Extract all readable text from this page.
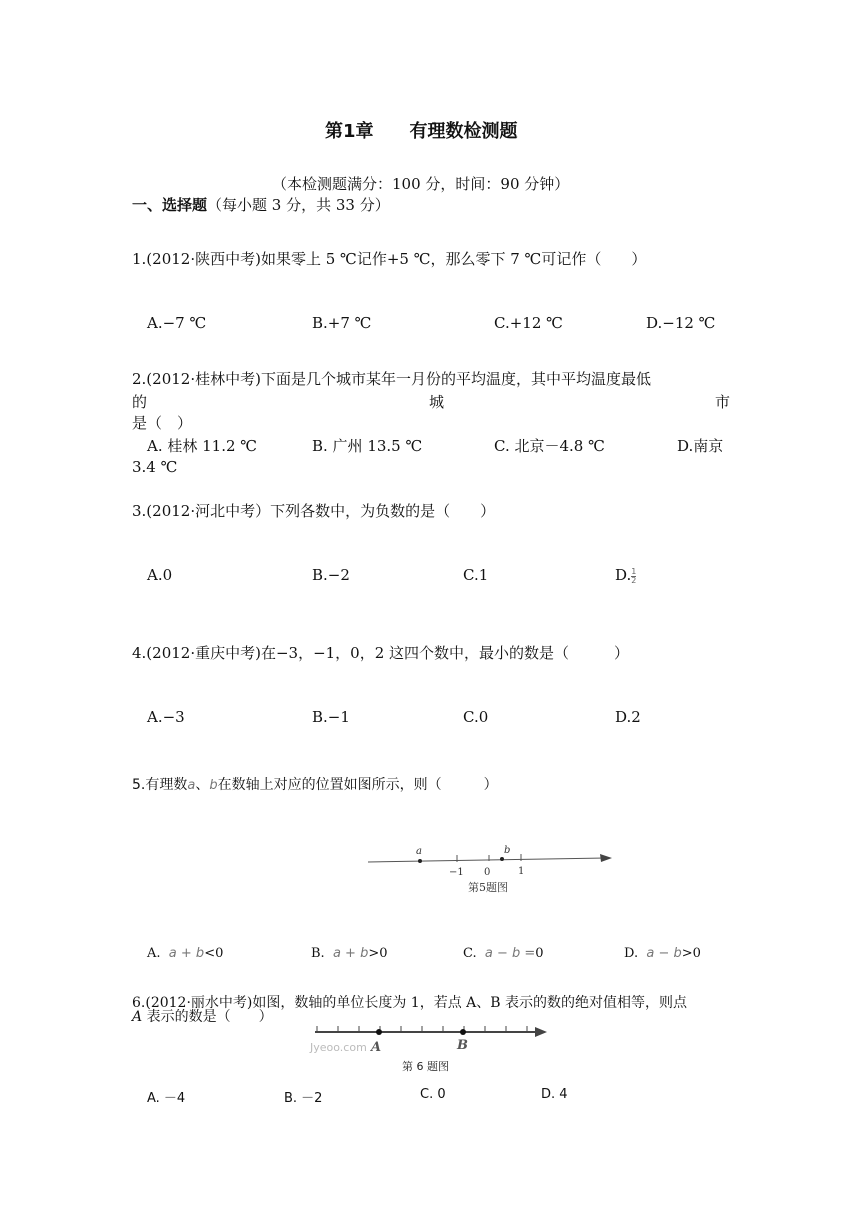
第1章　　有理数检测题
（本检测题满分：100 分，时间：90 分钟）
一、选择题（每小题 3 分，共 33 分）
1.(2012·陕西中考)如果零上 5 ℃记作+5 ℃，那么零下 7 ℃可记作（　　）
A.−7 ℃	B.+7 ℃	C.+12 ℃	D.−12 ℃
2.(2012·桂林中考)下面是几个城市某年一月份的平均温度，其中平均温度最低
的	城	市
是（　）
A. 桂林 11.2 ℃	B. 广州 13.5 ℃	C. 北京－4.8 ℃	D.南京
3.4 ℃
3.(2012·河北中考）下列各数中，为负数的是（　　）
A.0	B.−2	C.1	D. $\frac{1}{2}$
4.(2012·重庆中考)在−3，−1，0，2 这四个数中，最小的数是（　　　）
A.−3	B.−1	C.0	D.2
5.有理数a、b在数轴上对应的位置如图所示，则（　　　）
a	b
−1 0	1
第5题图
A. a + b<0	B. a + b>0	C. a − b =0	D. a − b>0
6.(2012·丽水中考)如图，数轴的单位长度为 1，若点 A、B 表示的数的绝对值相等，则点
A 表示的数是（　　）
Jyeoo.com A	B
第 6 题图
A. －4	B. －2	C. 0	D. 4
